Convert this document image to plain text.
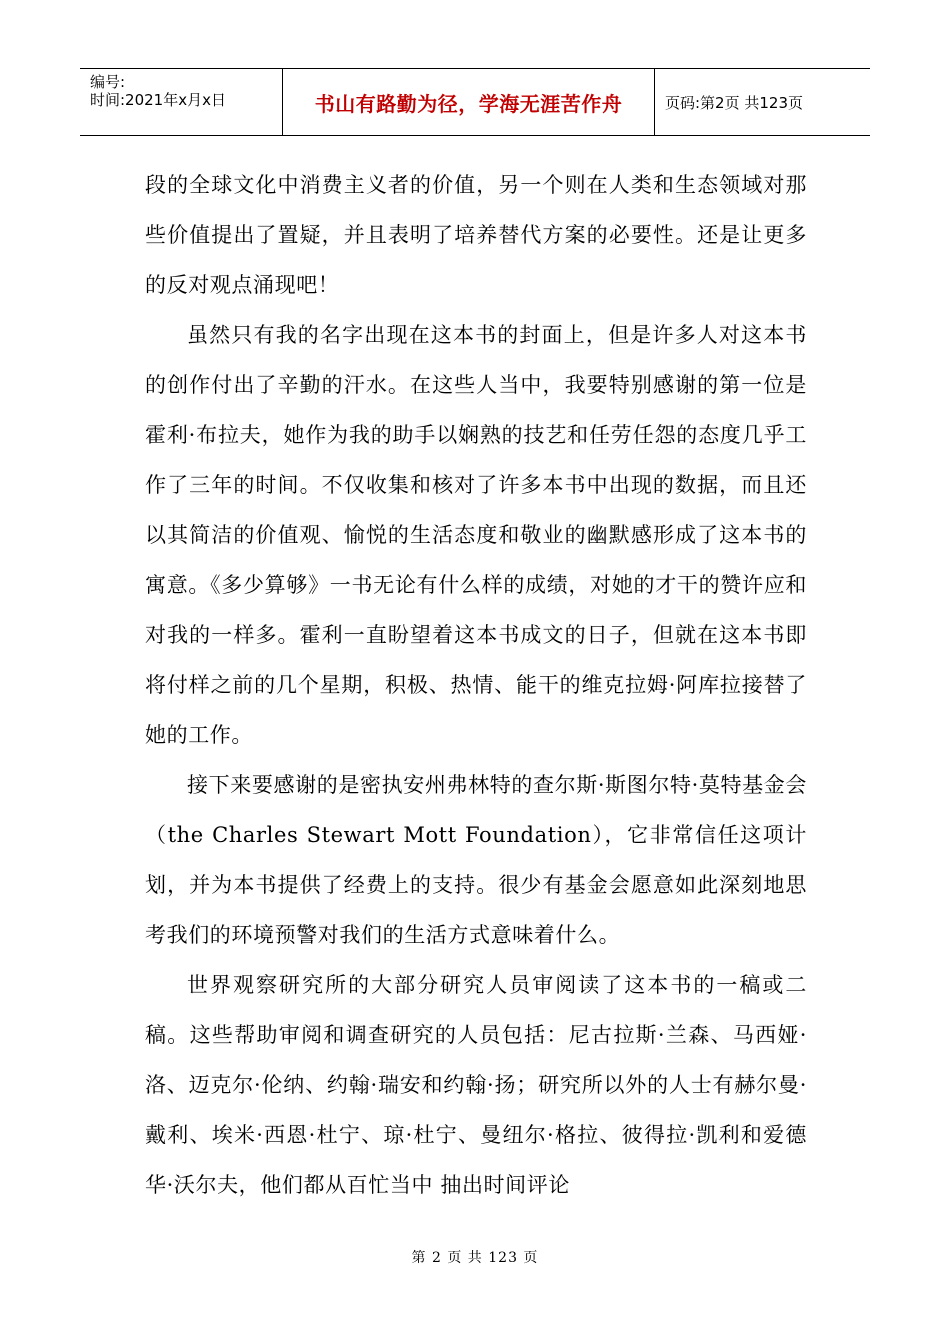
编号:
时间:2021年x月x日	书山有路勤为径，学海无涯苦作舟	页码:第2页 共123页

段的全球文化中消费主义者的价值，另一个则在人类和生态领域对那些价值提出了置疑，并且表明了培养替代方案的必要性。还是让更多的反对观点涌现吧！

虽然只有我的名字出现在这本书的封面上，但是许多人对这本书的创作付出了辛勤的汗水。在这些人当中，我要特别感谢的第一位是霍利·布拉夫，她作为我的助手以娴熟的技艺和任劳任怨的态度几乎工作了三年的时间。不仅收集和核对了许多本书中出现的数据，而且还以其简洁的价值观、愉悦的生活态度和敬业的幽默感形成了这本书的寓意。《多少算够》一书无论有什么样的成绩，对她的才干的赞许应和对我的一样多。霍利一直盼望着这本书成文的日子，但就在这本书即将付样之前的几个星期，积极、热情、能干的维克拉姆·阿库拉接替了她的工作。

接下来要感谢的是密执安州弗林特的查尔斯·斯图尔特·莫特基金会（the Charles Stewart Mott Foundation），它非常信任这项计划，并为本书提供了经费上的支持。很少有基金会愿意如此深刻地思考我们的环境预警对我们的生活方式意味着什么。

世界观察研究所的大部分研究人员审阅读了这本书的一稿或二稿。这些帮助审阅和调查研究的人员包括：尼古拉斯·兰森、马西娅·洛、迈克尔·伦纳、约翰·瑞安和约翰·扬；研究所以外的人士有赫尔曼·戴利、埃米·西恩·杜宁、琼·杜宁、曼纽尔·格拉、彼得拉·凯利和爱德华·沃尔夫，他们都从百忙当中 抽出时间评论

第 2 页 共 123 页
